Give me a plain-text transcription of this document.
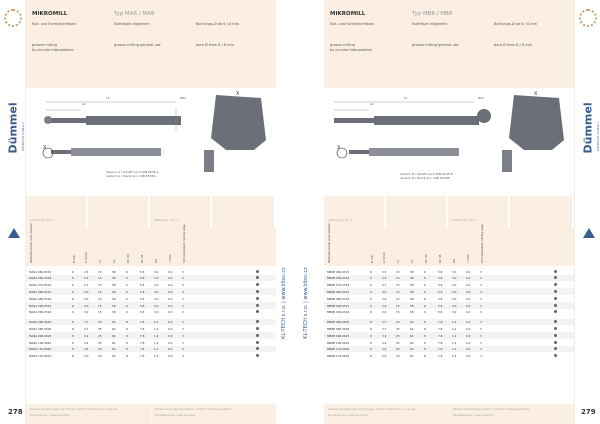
Dümmel WERKZEUGBAU
278
MIKROMILL	Typ MA6 / MA8
Nut- und Formstichfräsen
groove milling
by circular interpolation
Nutfräsen allgemein
groove milling general use
Bohrungs-Ø ab 6 / 8 mm
bore Ø from 6 / 8 mm
L2
L1	Øds
X
X
Version A / Schaft nach DIN 6535 A
version A / thank acc. DIN 6535A
Abbildung / Fig. 1	Abbildung / Fig. 2
Bestellnummer part number	D min.	b ±0,02	L2	L1	D1 ±0	D2 h5	D1	r max.	Schneidenzahl cutting edge
MA6A 060.0515	6	2,5	15	58	6	5,8	3,0	0,0	3
MA6A 060.0516	6	2,5	15	58	6	5,8	3,0	0,0	3
MA6A 070.0515	6	2,7	15	58	6	5,8	3,0	0,0	3
MA6A 080.0515	6	3,0	15	58	6	5,8	3,0	0,0	3
MA6A 080.0516	6	3,0	15	58	6	5,8	3,0	0,0	3
MA6A 090.0515	6	3,0	15	58	6	5,8	3,0	0,0	3
MA6A 090.0516	6	3,0	15	58	6	5,8	3,0	0,0	3
MA8A 080.0625	8	3,7	25	64	8	7,8	1,2	0,0	3
MA8A 080.0626	8	3,7	25	64	8	7,8	1,2	0,0	3
MA8A 090.0625	8	3,9	25	64	8	7,8	1,2	0,0	3
MA8A 100.0625	8	4,2	25	64	8	7,8	1,2	0,0	3
MA8A 110.0625	8	4,5	25	64	8	7,8	1,2	0,0	3
MA8A 120.0625	8	5,0	25	64	8	7,8	1,2	0,0	3
Weitere Abmessungen auf Anfrage / further dimensions on request
Sonderlängen / special lengths
Weitere Schneidengeometrien / further cutting geometries
Bestellbeispiel / order example
KL-TECH s.r.o. | www.kltec.cz
MIKROMILL	Typ MB6 / MB8
Nut- und Formstichfräsen
groove milling
by circular interpolation
Nutfräsen allgemein
groove milling general use
Bohrungs-Ø ab 6 / 8 mm
bore Ø from 6 / 8 mm
L2
L1	Øds
X
X
Version B / Schaft nach DIN 6535 B
version B / thank acc. DIN 6535B
Abbildung / Fig. 1	Abbildung / Fig. 2
Bestellnummer part number	D min.	b ±0,02	L2	L1	D1 ±0	D2 h5	D1	r max.	Schneidenzahl cutting edge
MB6B 060.0515	6	2,5	15	58	6	5,8	3,0	0,0	3
MB6B 060.0516	6	2,5	15	58	6	5,8	3,0	0,0	3
MB6B 070.0515	6	2,7	15	58	6	5,8	3,0	0,0	3
MB6B 080.0515	6	3,0	15	58	6	5,8	3,0	0,0	3
MB6B 080.0516	6	3,0	15	58	6	5,8	3,0	0,0	3
MB6B 090.0515	6	3,0	15	58	6	5,8	3,0	0,0	3
MB6B 090.0516	6	3,0	15	58	6	5,8	3,0	0,0	3
MB8B 080.0625	8	3,7	25	64	8	7,8	1,2	0,0	3
MB8B 080.0626	8	3,7	25	64	8	7,8	1,2	0,0	3
MB8B 090.0625	8	3,9	25	64	8	7,8	1,2	0,0	3
MB8B 100.0625	8	4,2	25	64	8	7,8	1,2	0,0	3
MB8B 110.0625	8	4,5	25	64	8	7,8	1,2	0,0	3
MB8B 120.0625	8	5,0	25	64	8	7,8	1,2	0,0	3
Weitere Abmessungen auf Anfrage / further dimensions on request
Sonderlängen / special lengths
Weitere Schneidengeometrien / further cutting geometries
Bestellbeispiel / order example
KL-TECH s.r.o. | www.kltec.cz
Dümmel WERKZEUGBAU
279
